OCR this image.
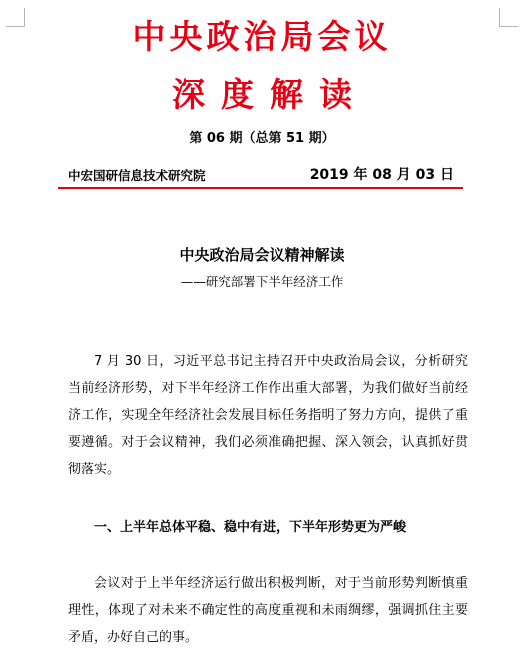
中央政治局会议
深度解读
第 06 期（总第 51 期）
中宏国研信息技术研究院	2019 年 08 月 03 日
中央政治局会议精神解读
——研究部署下半年经济工作

7 月 30 日，习近平总书记主持召开中央政治局会议，分析研究当前经济形势，对下半年经济工作作出重大部署，为我们做好当前经济工作，实现全年经济社会发展目标任务指明了努力方向，提供了重要遵循。对于会议精神，我们必须准确把握、深入领会，认真抓好贯彻落实。

一、上半年总体平稳、稳中有进，下半年形势更为严峻

会议对于上半年经济运行做出积极判断，对于当前形势判断慎重理性，体现了对未来不确定性的高度重视和未雨绸缪，强调抓住主要矛盾，办好自己的事。
